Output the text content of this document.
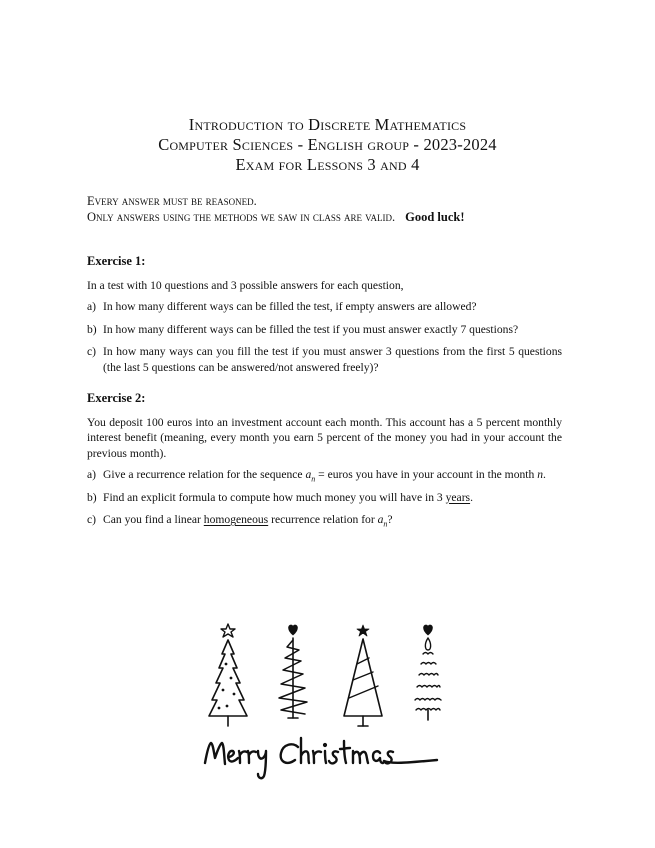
Introduction to Discrete Mathematics
Computer Sciences - English group - 2023-2024
Exam for Lessons 3 and 4
Every answer must be reasoned.
Only answers using the methods we saw in class are valid. Good luck!
Exercise 1:
In a test with 10 questions and 3 possible answers for each question,
a) In how many different ways can be filled the test, if empty answers are allowed?
b) In how many different ways can be filled the test if you must answer exactly 7 questions?
c) In how many ways can you fill the test if you must answer 3 questions from the first 5 questions (the last 5 questions can be answered/not answered freely)?
Exercise 2:
You deposit 100 euros into an investment account each month. This account has a 5 percent monthly interest benefit (meaning, every month you earn 5 percent of the money you had in your account the previous month).
a) Give a recurrence relation for the sequence $a_n$ = euros you have in your account in the month n.
b) Find an explicit formula to compute how much money you will have in 3 years.
c) Can you find a linear homogeneous recurrence relation for $a_n$?
